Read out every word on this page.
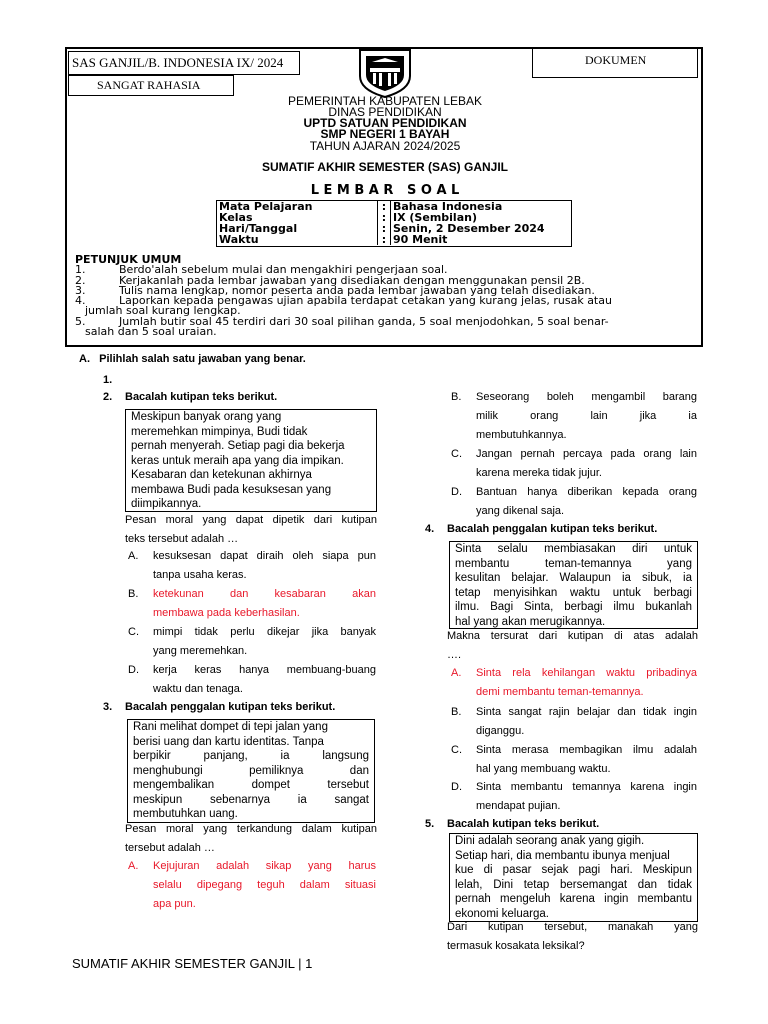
SAS GANJIL/B. INDONESIA IX/ 2024
SANGAT RAHASIA
DOKUMEN
PEMERINTAH KABUPATEN LEBAK
DINAS PENDIDIKAN
UPTD SATUAN PENDIDIKAN
SMP NEGERI 1 BAYAH
TAHUN AJARAN 2024/2025
SUMATIF AKHIR SEMESTER (SAS) GANJIL
L E M B A R   S O A L
Mata Pelajaran	:	Bahasa Indonesia
Kelas	:	IX (Sembilan)
Hari/Tanggal	:	Senin, 2 Desember 2024
Waktu	:	90 Menit
PETUNJUK UMUM
1.	Berdo'alah sebelum mulai dan mengakhiri pengerjaan soal.
2.	Kerjakanlah pada lembar jawaban yang disediakan dengan menggunakan pensil 2B.
3.	Tulis nama lengkap, nomor peserta anda pada lembar jawaban yang telah disediakan.
4.	Laporkan kepada pengawas ujian apabila terdapat cetakan yang kurang jelas, rusak atau
jumlah soal kurang lengkap.
5.	Jumlah butir soal 45 terdiri dari 30 soal pilihan ganda, 5 soal menjodohkan, 5 soal benar-
salah dan 5 soal uraian.
A.   Pilihlah salah satu jawaban yang benar.
1.
2. Bacalah kutipan teks berikut.
Meskipun banyak orang yang
meremehkan mimpinya, Budi tidak
pernah menyerah. Setiap pagi dia bekerja
keras untuk meraih apa yang dia impikan.
Kesabaran dan ketekunan akhirnya
membawa Budi pada kesuksesan yang
diimpikannya.
Pesan moral yang dapat dipetik dari kutipan
teks tersebut adalah …
A. kesuksesan dapat diraih oleh siapa pun
tanpa usaha keras.
B. ketekunan dan kesabaran akan
membawa pada keberhasilan.
C. mimpi tidak perlu dikejar jika banyak
yang meremehkan.
D. kerja keras hanya membuang-buang
waktu dan tenaga.
3. Bacalah penggalan kutipan teks berikut.
Rani melihat dompet di tepi jalan yang
berisi uang dan kartu identitas. Tanpa
berpikir panjang, ia langsung
menghubungi pemiliknya dan
mengembalikan dompet tersebut
meskipun sebenarnya ia sangat
membutuhkan uang.
Pesan moral yang terkandung dalam kutipan
tersebut adalah …
A. Kejujuran adalah sikap yang harus
selalu dipegang teguh dalam situasi
apa pun.
B. Seseorang boleh mengambil barang
milik orang lain jika ia
membutuhkannya.
C. Jangan pernah percaya pada orang lain
karena mereka tidak jujur.
D. Bantuan hanya diberikan kepada orang
yang dikenal saja.
4. Bacalah penggalan kutipan teks berikut.
Sinta selalu membiasakan diri untuk
membantu teman-temannya yang
kesulitan belajar. Walaupun ia sibuk, ia
tetap menyisihkan waktu untuk berbagi
ilmu. Bagi Sinta, berbagi ilmu bukanlah
hal yang akan merugikannya.
Makna tersurat dari kutipan di atas adalah
….
A. Sinta rela kehilangan waktu pribadinya
demi membantu teman-temannya.
B. Sinta sangat rajin belajar dan tidak ingin
diganggu.
C. Sinta merasa membagikan ilmu adalah
hal yang membuang waktu.
D. Sinta membantu temannya karena ingin
mendapat pujian.
5. Bacalah kutipan teks berikut.
Dini adalah seorang anak yang gigih.
Setiap hari, dia membantu ibunya menjual
kue di pasar sejak pagi hari. Meskipun
lelah, Dini tetap bersemangat dan tidak
pernah mengeluh karena ingin membantu
ekonomi keluarga.
Dari kutipan tersebut, manakah yang
termasuk kosakata leksikal?
SUMATIF AKHIR SEMESTER GANJIL | 1
